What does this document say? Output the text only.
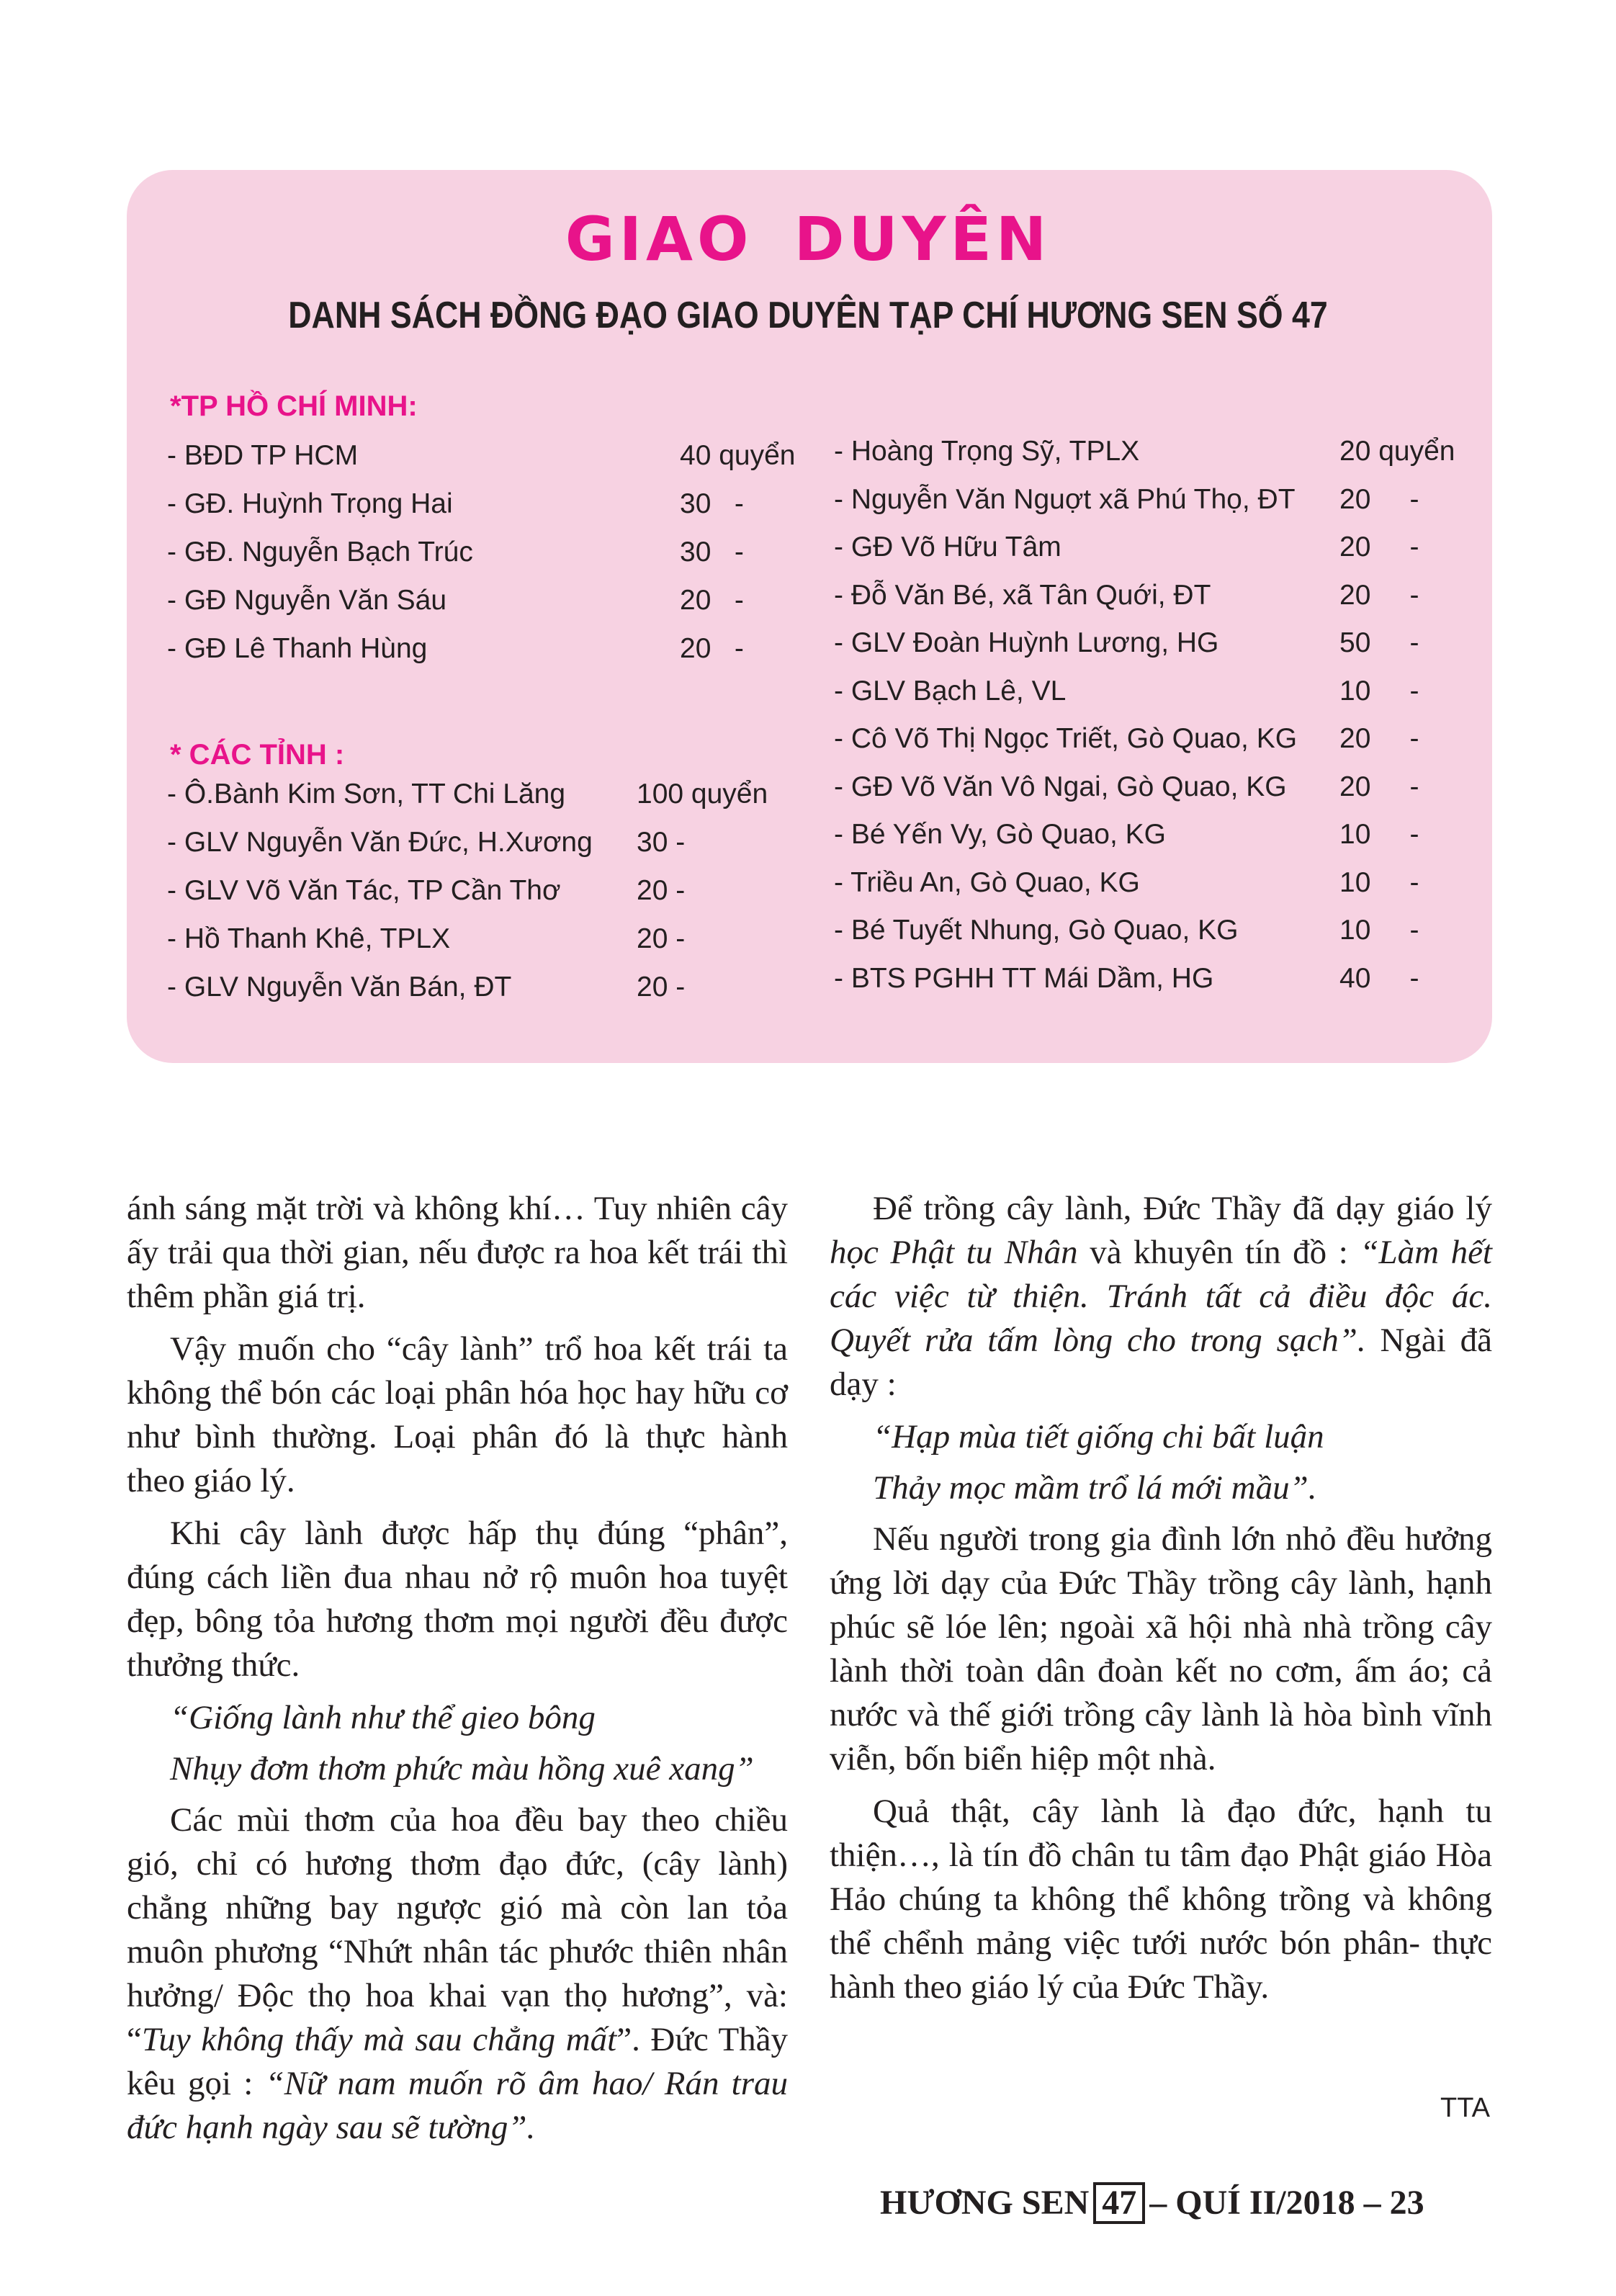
GIAO DUYÊN
DANH SÁCH ĐỒNG ĐẠO GIAO DUYÊN TẠP CHÍ HƯƠNG SEN SỐ 47
*TP HỒ CHÍ MINH:
- BĐD TP HCM	40 quyển
- GĐ. Huỳnh Trọng Hai	30   -
- GĐ. Nguyễn Bạch Trúc	30   -
- GĐ Nguyễn Văn Sáu	20   -
- GĐ Lê Thanh Hùng	20   -
* CÁC TỈNH :
- Ô.Bành Kim Sơn, TT Chi Lăng	100 quyển
- GLV Nguyễn Văn Đức, H.Xương 30 -
- GLV Võ Văn Tác, TP Cần Thơ	20 -
- Hồ Thanh Khê, TPLX	20 -
- GLV Nguyễn Văn Bán, ĐT	20 -
- Hoàng Trọng Sỹ, TPLX	20 quyển
- Nguyễn Văn Nguợt xã Phú Thọ, ĐT 20     -
- GĐ Võ Hữu Tâm	20     -
- Đỗ Văn Bé, xã Tân Quới, ĐT	20     -
- GLV Đoàn Huỳnh Lương, HG	50     -
- GLV Bạch Lê, VL	10     -
- Cô Võ Thị Ngọc Triết, Gò Quao, KG 20     -
- GĐ Võ Văn Vô Ngai, Gò Quao, KG 20     -
- Bé Yến Vy, Gò Quao, KG	10     -
- Triều An, Gò Quao, KG	10     -
- Bé Tuyết Nhung, Gò Quao, KG	10     -
- BTS PGHH TT Mái Dầm, HG	40     -

ánh sáng mặt trời và không khí… Tuy nhiên cây ấy trải qua thời gian, nếu được ra hoa kết trái thì thêm phần giá trị.

Vậy muốn cho “cây lành” trổ hoa kết trái ta không thể bón các loại phân hóa học hay hữu cơ như bình thường. Loại phân đó là thực hành theo giáo lý.

Khi cây lành được hấp thụ đúng “phân”, đúng cách liền đua nhau nở rộ muôn hoa tuyệt đẹp, bông tỏa hương thơm mọi người đều được thưởng thức.

“Giống lành như thể gieo bông

Nhụy đơm thơm phức màu hồng xuê xang”

Các mùi thơm của hoa đều bay theo chiều gió, chỉ có hương thơm đạo đức, (cây lành) chẳng những bay ngược gió mà còn lan tỏa muôn phương “Nhứt nhân tác phước thiên nhân hưởng/ Độc thọ hoa khai vạn thọ hương”, và: “Tuy không thấy mà sau chẳng mất”. Đức Thầy kêu gọi : “Nữ nam muốn rõ âm hao/ Rán trau đức hạnh ngày sau sẽ tường”.

Để trồng cây lành, Đức Thầy đã dạy giáo lý học Phật tu Nhân và khuyên tín đồ : “Làm hết các việc từ thiện. Tránh tất cả điều độc ác. Quyết rửa tấm lòng cho trong sạch”. Ngài đã dạy :

“Hạp mùa tiết giống chi bất luận

Thảy mọc mầm trổ lá mới mầu”.

Nếu người trong gia đình lớn nhỏ đều hưởng ứng lời dạy của Đức Thầy trồng cây lành, hạnh phúc sẽ lóe lên; ngoài xã hội nhà nhà trồng cây lành thời toàn dân đoàn kết no cơm, ấm áo; cả nước và thế giới trồng cây lành là hòa bình vĩnh viễn, bốn biển hiệp một nhà.

Quả thật, cây lành là đạo đức, hạnh tu thiện…, là tín đồ chân tu tâm đạo Phật giáo Hòa Hảo chúng ta không thể không trồng và không thể chểnh mảng việc tưới nước bón phân- thực hành theo giáo lý của Đức Thầy.

TTA
HƯƠNG SEN 47 – QUÍ II/2018 – 23
